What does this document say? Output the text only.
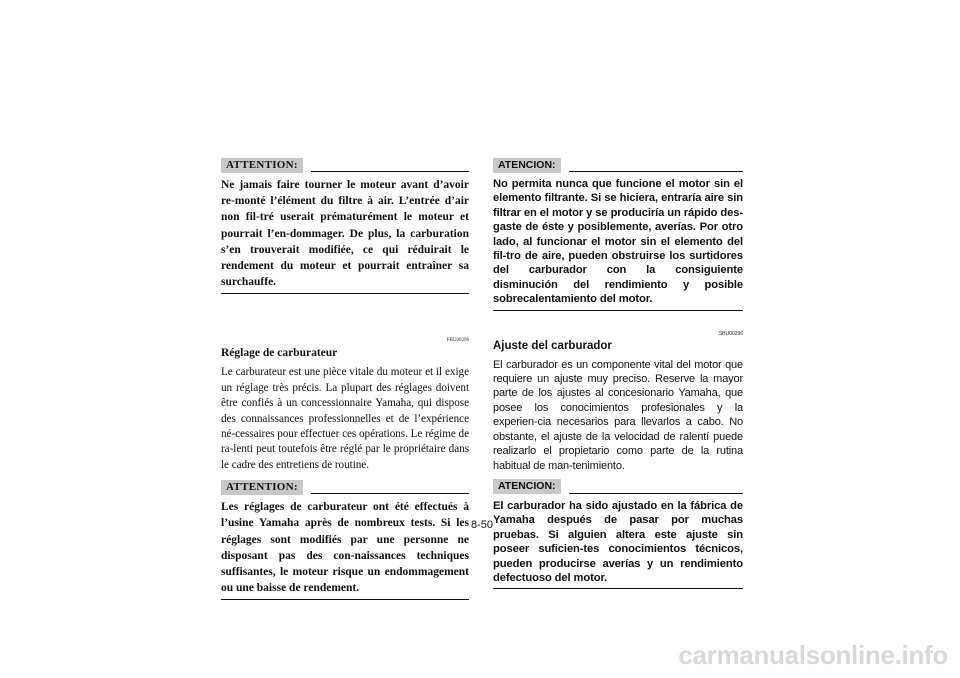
ATTENTION:

Ne jamais faire tourner le moteur avant d’avoir re-monté l’élément du filtre à air. L’entrée d’air non fil-tré userait prématurément le moteur et pourrait l’en-dommager. De plus, la carburation s’en trouverait modifiée, ce qui réduirait le rendement du moteur et pourrait entraîner sa surchauffe.

FBU00296
Réglage de carburateur

Le carburateur est une pièce vitale du moteur et il exige un réglage très précis. La plupart des réglages doivent être confiés à un concessionnaire Yamaha, qui dispose des connaissances professionnelles et de l’expérience né-cessaires pour effectuer ces opérations. Le régime de ra-lenti peut toutefois être réglé par le propriétaire dans le cadre des entretiens de routine.

ATTENTION:

Les réglages de carburateur ont été effectués à l’usine Yamaha après de nombreux tests. Si les réglages sont modifiés par une personne ne disposant pas des con-naissances techniques suffisantes, le moteur risque un endommagement ou une baisse de rendement.

ATENCION:

No permita nunca que funcione el motor sin el elemento filtrante. Si se hiciera, entraría aire sin filtrar en el motor y se produciría un rápido des-gaste de éste y posiblemente, averías. Por otro lado, al funcionar el motor sin el elemento del fil-tro de aire, pueden obstruirse los surtidores del carburador con la consiguiente disminución del rendimiento y posible sobrecalentamiento del motor.

SBU00296
Ajuste del carburador

El carburador es un componente vital del motor que requiere un ajuste muy preciso. Reserve la mayor parte de los ajustes al concesionario Yamaha, que posee los conocimientos profesionales y la experien-cia necesarios para llevarlos a cabo. No obstante, el ajuste de la velocidad de ralentí puede realizarlo el propietario como parte de la rutina habitual de man-tenimiento.

ATENCION:

El carburador ha sido ajustado en la fábrica de Yamaha después de pasar por muchas pruebas. Si alguien altera este ajuste sin poseer suficien-tes conocimientos técnicos, pueden producirse averías y un rendimiento defectuoso del motor.

8-50
carmanualsonline.info
